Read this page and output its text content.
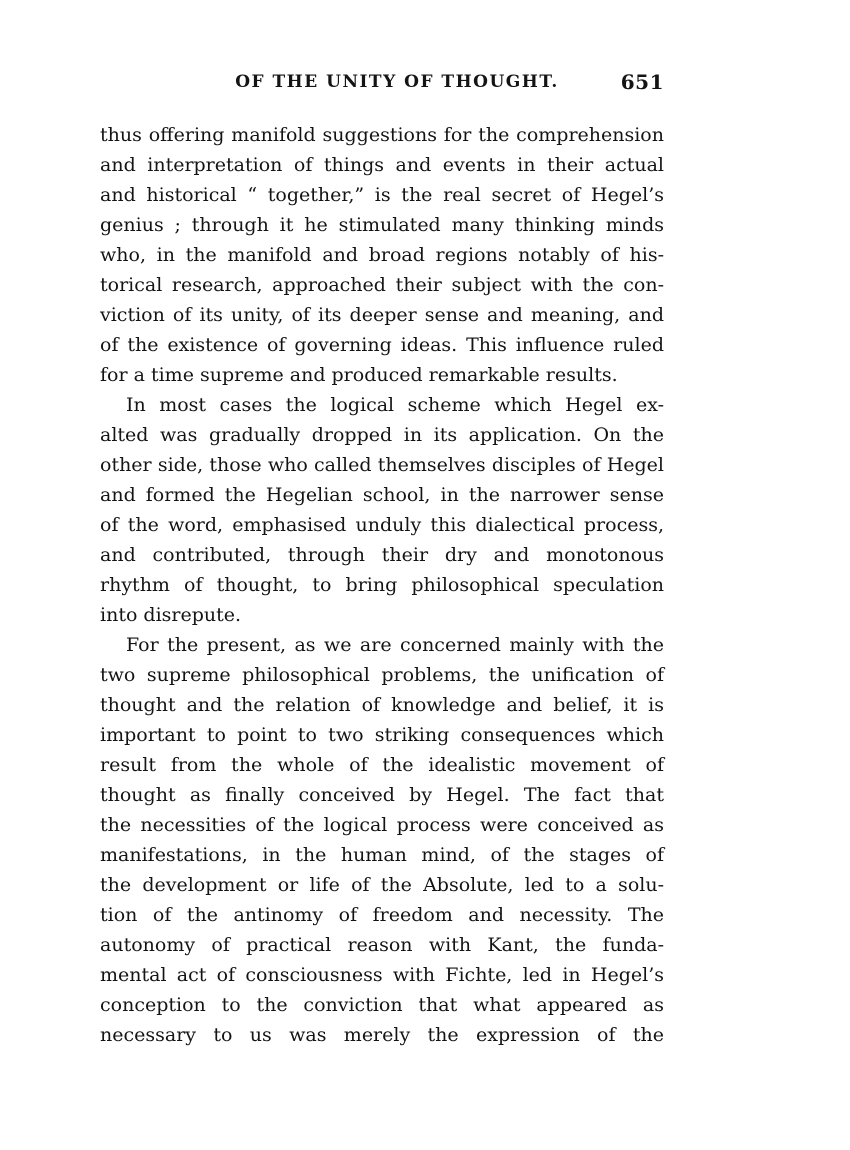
OF THE UNITY OF THOUGHT.	651
thus offering manifold suggestions for the comprehension
and interpretation of things and events in their actual
and historical “ together,” is the real secret of Hegel’s
genius ; through it he stimulated many thinking minds
who, in the manifold and broad regions notably of his-
torical research, approached their subject with the con-
viction of its unity, of its deeper sense and meaning, and
of the existence of governing ideas. This influence ruled
for a time supreme and produced remarkable results.
In most cases the logical scheme which Hegel ex-
alted was gradually dropped in its application. On the
other side, those who called themselves disciples of Hegel
and formed the Hegelian school, in the narrower sense
of the word, emphasised unduly this dialectical process,
and contributed, through their dry and monotonous
rhythm of thought, to bring philosophical speculation
into disrepute.
For the present, as we are concerned mainly with the
two supreme philosophical problems, the unification of
thought and the relation of knowledge and belief, it is
important to point to two striking consequences which
result from the whole of the idealistic movement of
thought as finally conceived by Hegel. The fact that
the necessities of the logical process were conceived as
manifestations, in the human mind, of the stages of
the development or life of the Absolute, led to a solu-
tion of the antinomy of freedom and necessity. The
autonomy of practical reason with Kant, the funda-
mental act of consciousness with Fichte, led in Hegel’s
conception to the conviction that what appeared as
necessary to us was merely the expression of the
